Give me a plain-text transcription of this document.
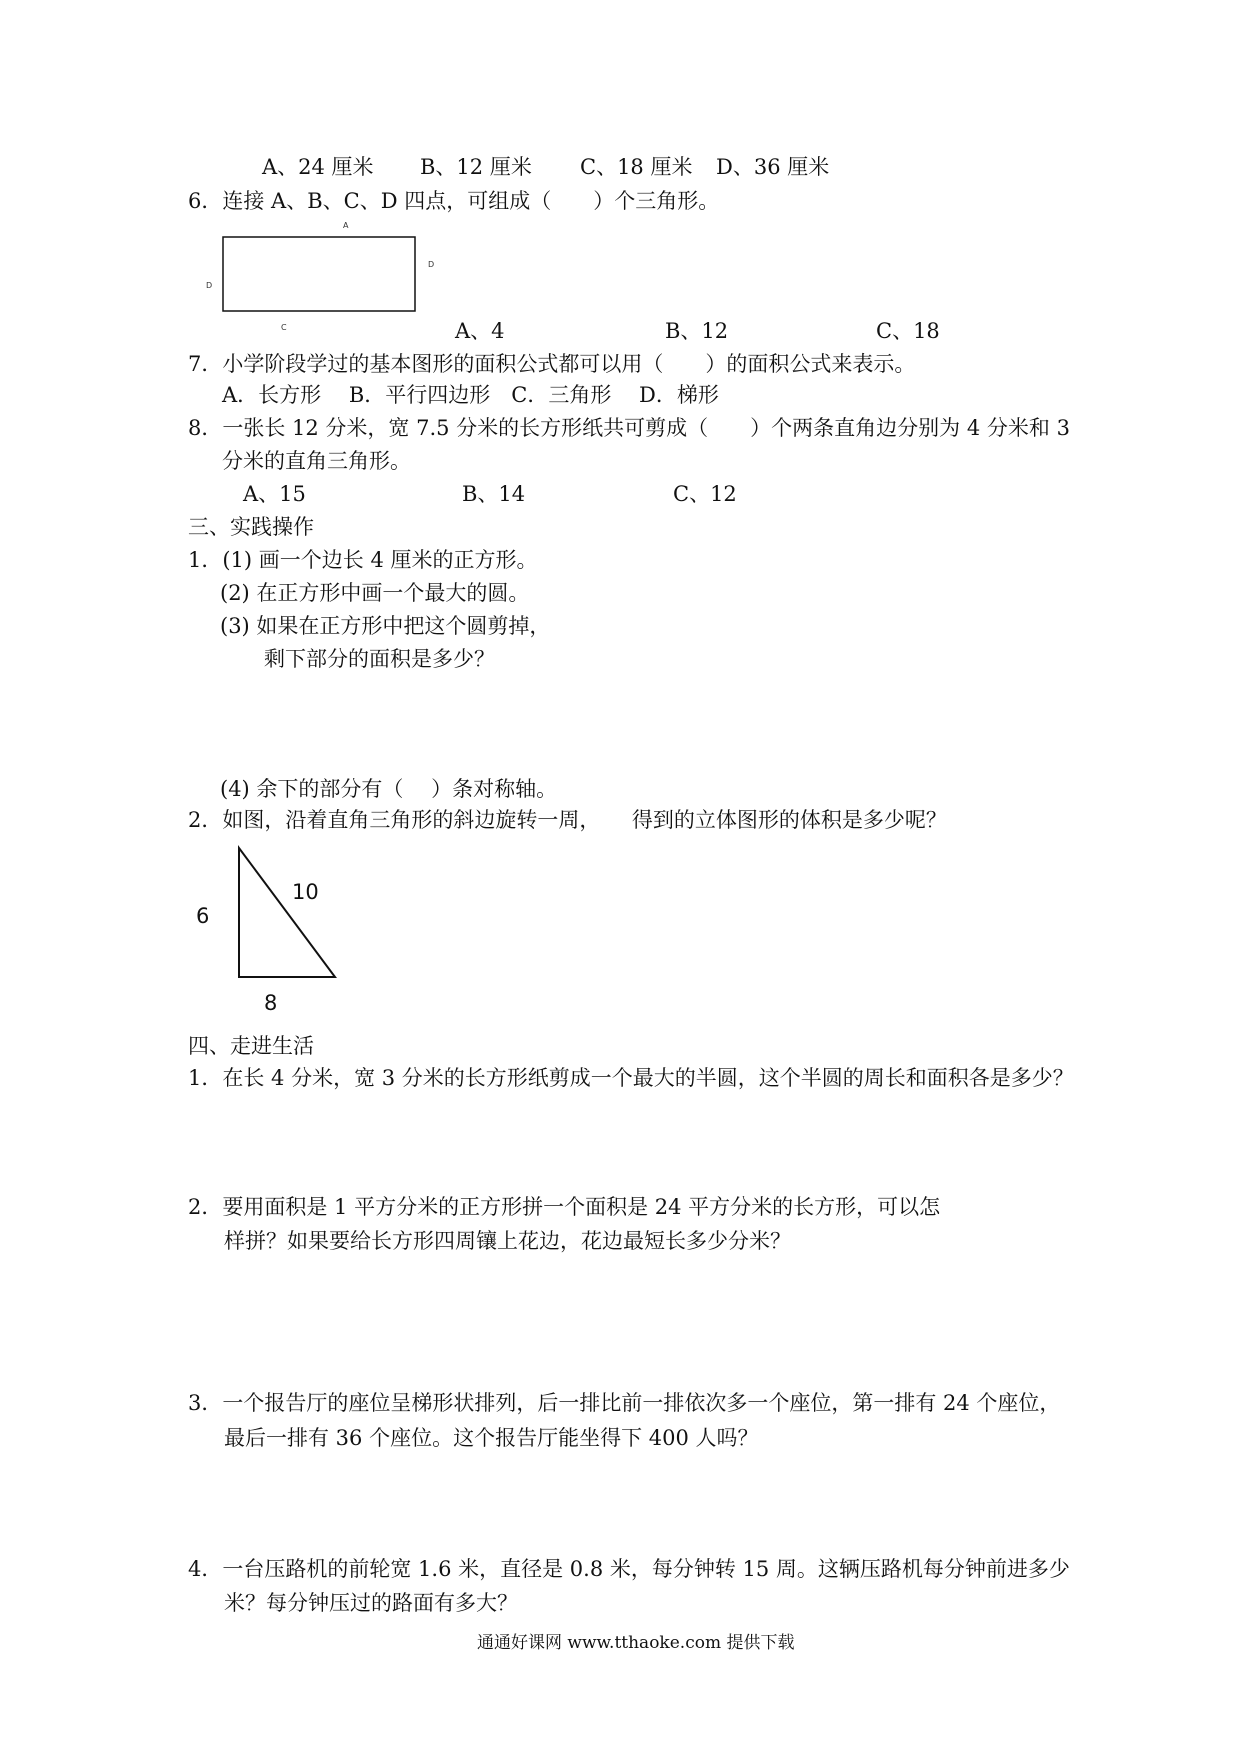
A、24 厘米 B、12 厘米 C、18 厘米 D、36 厘米
6．连接 A、B、C、D 四点，可组成（　　）个三角形。
A
D
C
D
A、4	B、12	C、18
7．小学阶段学过的基本图形的面积公式都可以用（　　）的面积公式来表示。
A．长方形　 B．平行四边形　C．三角形　 D．梯形
8．一张长 12 分米，宽 7.5 分米的长方形纸共可剪成（　　）个两条直角边分别为 4 分米和 3
分米的直角三角形。
A、15	B、14	C、12
三、实践操作
1．(1) 画一个边长 4 厘米的正方形。
(2) 在正方形中画一个最大的圆。
(3) 如果在正方形中把这个圆剪掉，
剩下部分的面积是多少？
(4) 余下的部分有（　 ）条对称轴。
2．如图，沿着直角三角形的斜边旋转一周，　　得到的立体图形的体积是多少呢？
6
10
8
四、走进生活
1．在长 4 分米，宽 3 分米的长方形纸剪成一个最大的半圆，这个半圆的周长和面积各是多少？
2．要用面积是 1 平方分米的正方形拼一个面积是 24 平方分米的长方形，可以怎
样拼？如果要给长方形四周镶上花边，花边最短长多少分米？
3．一个报告厅的座位呈梯形状排列，后一排比前一排依次多一个座位，第一排有 24 个座位，
最后一排有 36 个座位。这个报告厅能坐得下 400 人吗？
4．一台压路机的前轮宽 1.6 米，直径是 0.8 米，每分钟转 15 周。这辆压路机每分钟前进多少
米？每分钟压过的路面有多大？
通通好课网 www.tthaoke.com 提供下载
